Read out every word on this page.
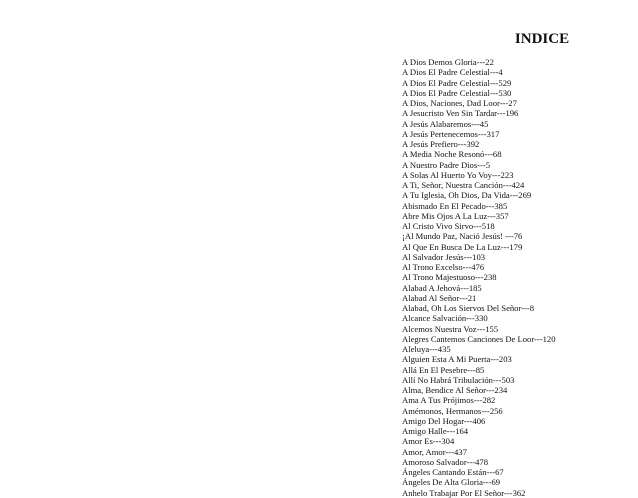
INDICE
A Dios Demos Gloria---22
A Dios El Padre Celestial---4
A Dios El Padre Celestial---529
A Dios El Padre Celestial---530
A Dios, Naciones, Dad Loor---27
A Jesucristo Ven Sin Tardar---196
A Jesús Alabaremos---45
A Jesús Pertenecemos---317
A Jesús Prefiero---392
A Media Noche Resonó---68
A Nuestro Padre Dios---5
A Solas Al Huerto Yo Voy---223
A Ti, Señor, Nuestra Canción---424
A Tu Iglesia, Oh Dios, Da Vida---269
Abismado En El Pecado---385
Abre Mis Ojos A La Luz---357
Al Cristo Vivo Sirvo---518
¡Al Mundo Paz, Nació Jesús! ---76
Al Que En Busca De La Luz---179
Al Salvador Jesús---103
Al Trono Excelso---476
Al Trono Majestuoso---238
Alabad A Jehová---185
Alabad Al Señor---21
Alabad, Oh Los Siervos Del Señor---8
Alcance Salvación---330
Alcemos Nuestra Voz---155
Alegres Cantemos Canciones De Loor---120
Aleluya---435
Alguien Esta A Mi Puerta---203
Allá En El Pesebre---85
Allí No Habrá Tribulación---503
Alma, Bendice Al Señor---234
Ama A Tus Prójimos---282
Amémonos, Hermanos---256
Amigo Del Hogar---406
Amigo Halle---164
Amor Es---304
Amor, Amor---437
Amoroso Salvador---478
Ángeles Cantando Están---67
Ángeles De Alta Gloria---69
Anhelo Trabajar Por El Señor---362
